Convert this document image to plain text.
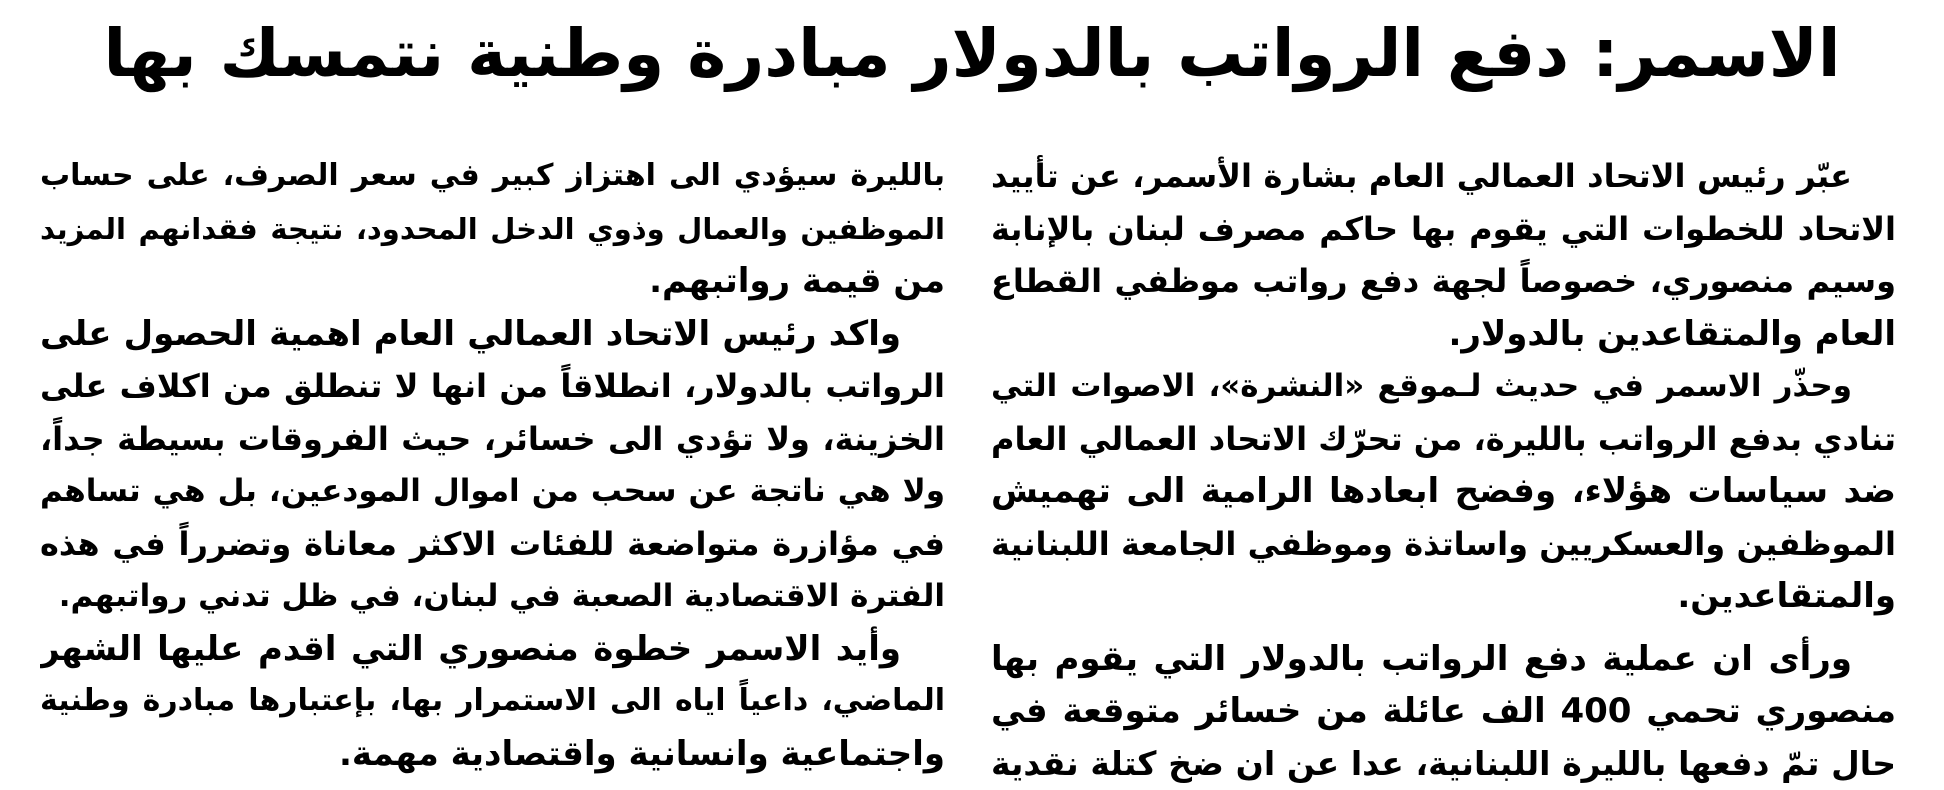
الاسمر: دفع الرواتب بالدولار مبادرة وطنية نتمسك بها
عبّر رئيس الاتحاد العمالي العام بشارة الأسمر، عن تأييد
الاتحاد للخطوات التي يقوم بها حاكم مصرف لبنان بالإنابة
وسيم منصوري، خصوصاً لجهة دفع رواتب موظفي القطاع
العام والمتقاعدين بالدولار.
وحذّر الاسمر في حديث لـموقع «النشرة»، الاصوات التي
تنادي بدفع الرواتب بالليرة، من تحرّك الاتحاد العمالي العام
ضد سياسات هؤلاء، وفضح ابعادها الرامية الى تهميش
الموظفين والعسكريين واساتذة وموظفي الجامعة اللبنانية
والمتقاعدين.
ورأى ان عملية دفع الرواتب بالدولار التي يقوم بها
منصوري تحمي 400 الف عائلة من خسائر متوقعة في
حال تمّ دفعها بالليرة اللبنانية، عدا عن ان ضخ كتلة نقدية
بالليرة سيؤدي الى اهتزاز كبير في سعر الصرف، على حساب
الموظفين والعمال وذوي الدخل المحدود، نتيجة فقدانهم المزيد
من قيمة رواتبهم.
واكد رئيس الاتحاد العمالي العام اهمية الحصول على
الرواتب بالدولار، انطلاقاً من انها لا تنطلق من اكلاف على
الخزينة، ولا تؤدي الى خسائر، حيث الفروقات بسيطة جداً،
ولا هي ناتجة عن سحب من اموال المودعين، بل هي تساهم
في مؤازرة متواضعة للفئات الاكثر معاناة وتضرراً في هذه
الفترة الاقتصادية الصعبة في لبنان، في ظل تدني رواتبهم.
وأيد الاسمر خطوة منصوري التي اقدم عليها الشهر
الماضي، داعياً اياه الى الاستمرار بها، بإعتبارها مبادرة وطنية
واجتماعية وانسانية واقتصادية مهمة.
